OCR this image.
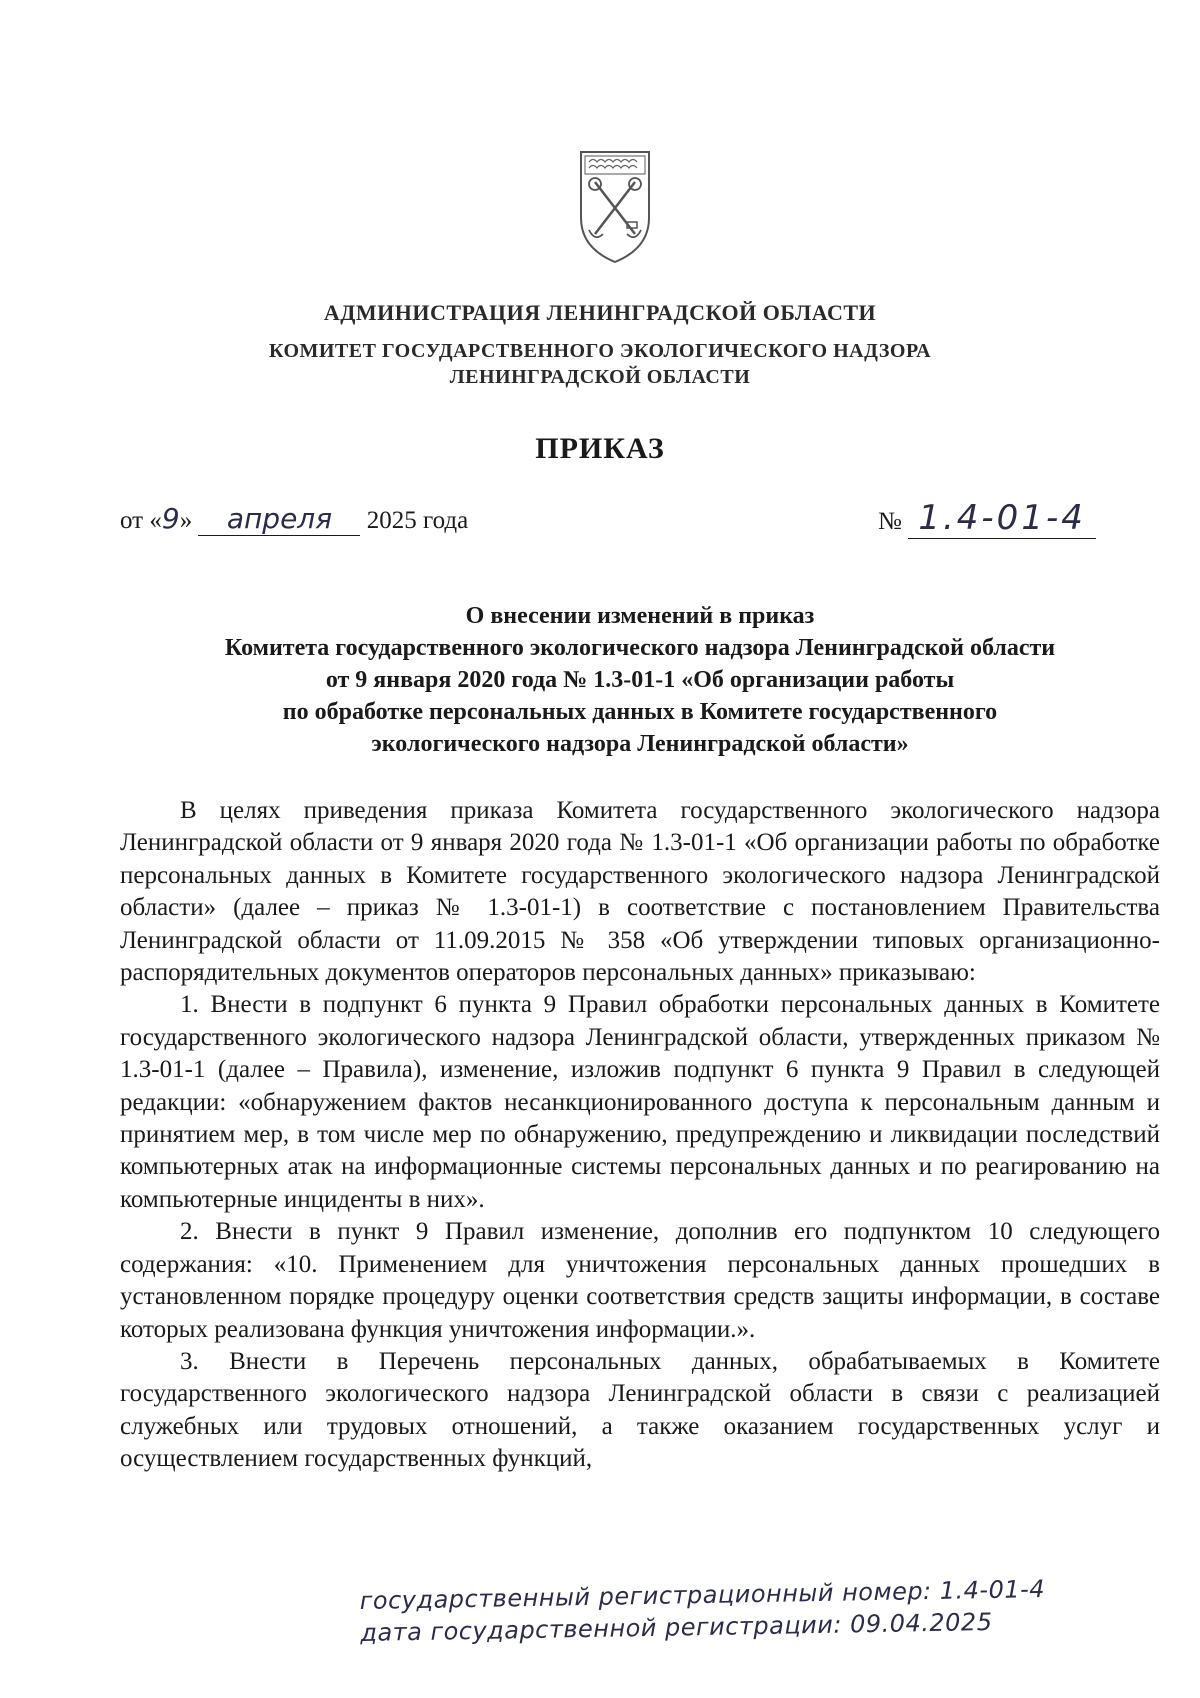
АДМИНИСТРАЦИЯ ЛЕНИНГРАДСКОЙ ОБЛАСТИ
КОМИТЕТ ГОСУДАРСТВЕННОГО ЭКОЛОГИЧЕСКОГО НАДЗОРА
ЛЕНИНГРАДСКОЙ ОБЛАСТИ
ПРИКАЗ
от «9» апреля 2025 года	№ 1.4-01-4
О внесении изменений в приказ
Комитета государственного экологического надзора Ленинградской области
от 9 января 2020 года № 1.3-01-1 «Об организации работы
по обработке персональных данных в Комитете государственного
экологического надзора Ленинградской области»

В целях приведения приказа Комитета государственного экологического надзора Ленинградской области от 9 января 2020 года № 1.3-01-1 «Об организации работы по обработке персональных данных в Комитете государственного экологического надзора Ленинградской области» (далее – приказ № 1.3-01-1) в соответствие с постановлением Правительства Ленинградской области от 11.09.2015 № 358 «Об утверждении типовых организационно-распорядительных документов операторов персональных данных» приказываю:

1. Внести в подпункт 6 пункта 9 Правил обработки персональных данных в Комитете государственного экологического надзора Ленинградской области, утвержденных приказом № 1.3-01-1 (далее – Правила), изменение, изложив подпункт 6 пункта 9 Правил в следующей редакции: «обнаружением фактов несанкционированного доступа к персональным данным и принятием мер, в том числе мер по обнаружению, предупреждению и ликвидации последствий компьютерных атак на информационные системы персональных данных и по реагированию на компьютерные инциденты в них».

2. Внести в пункт 9 Правил изменение, дополнив его подпунктом 10 следующего содержания: «10. Применением для уничтожения персональных данных прошедших в установленном порядке процедуру оценки соответствия средств защиты информации, в составе которых реализована функция уничтожения информации.».

3. Внести в Перечень персональных данных, обрабатываемых в Комитете государственного экологического надзора Ленинградской области в связи с реализацией служебных или трудовых отношений, а также оказанием государственных услуг и осуществлением государственных функций,

государственный регистрационный номер: 1.4-01-4
дата государственной регистрации: 09.04.2025
